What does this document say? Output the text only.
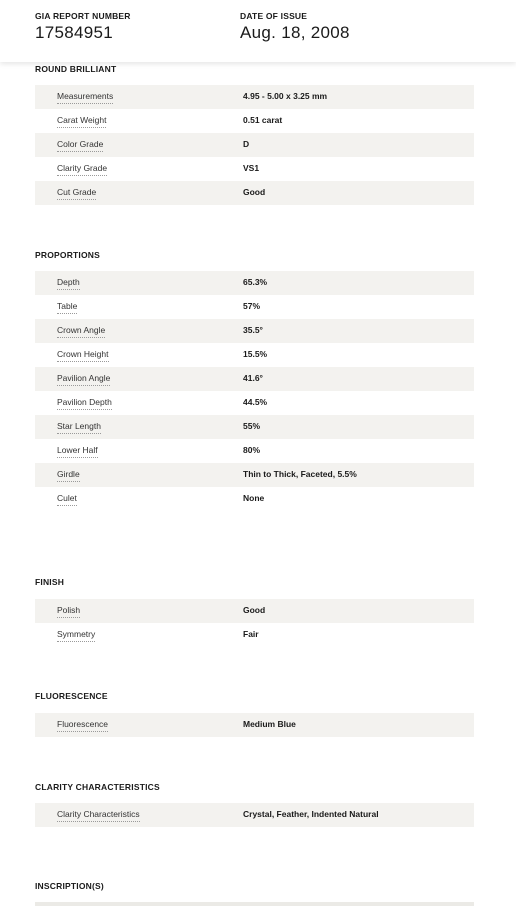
GIA REPORT NUMBER
17584951
DATE OF ISSUE
Aug. 18, 2008
ROUND BRILLIANT
Measurements	4.95 - 5.00 x 3.25 mm
Carat Weight	0.51 carat
Color Grade	D
Clarity Grade	VS1
Cut Grade	Good
PROPORTIONS
Depth	65.3%
Table	57%
Crown Angle	35.5°
Crown Height	15.5%
Pavilion Angle	41.6°
Pavilion Depth	44.5%
Star Length	55%
Lower Half	80%
Girdle	Thin to Thick, Faceted, 5.5%
Culet	None
FINISH
Polish	Good
Symmetry	Fair
FLUORESCENCE
Fluorescence	Medium Blue
CLARITY CHARACTERISTICS
Clarity Characteristics	Crystal, Feather, Indented Natural
INSCRIPTION(S)
